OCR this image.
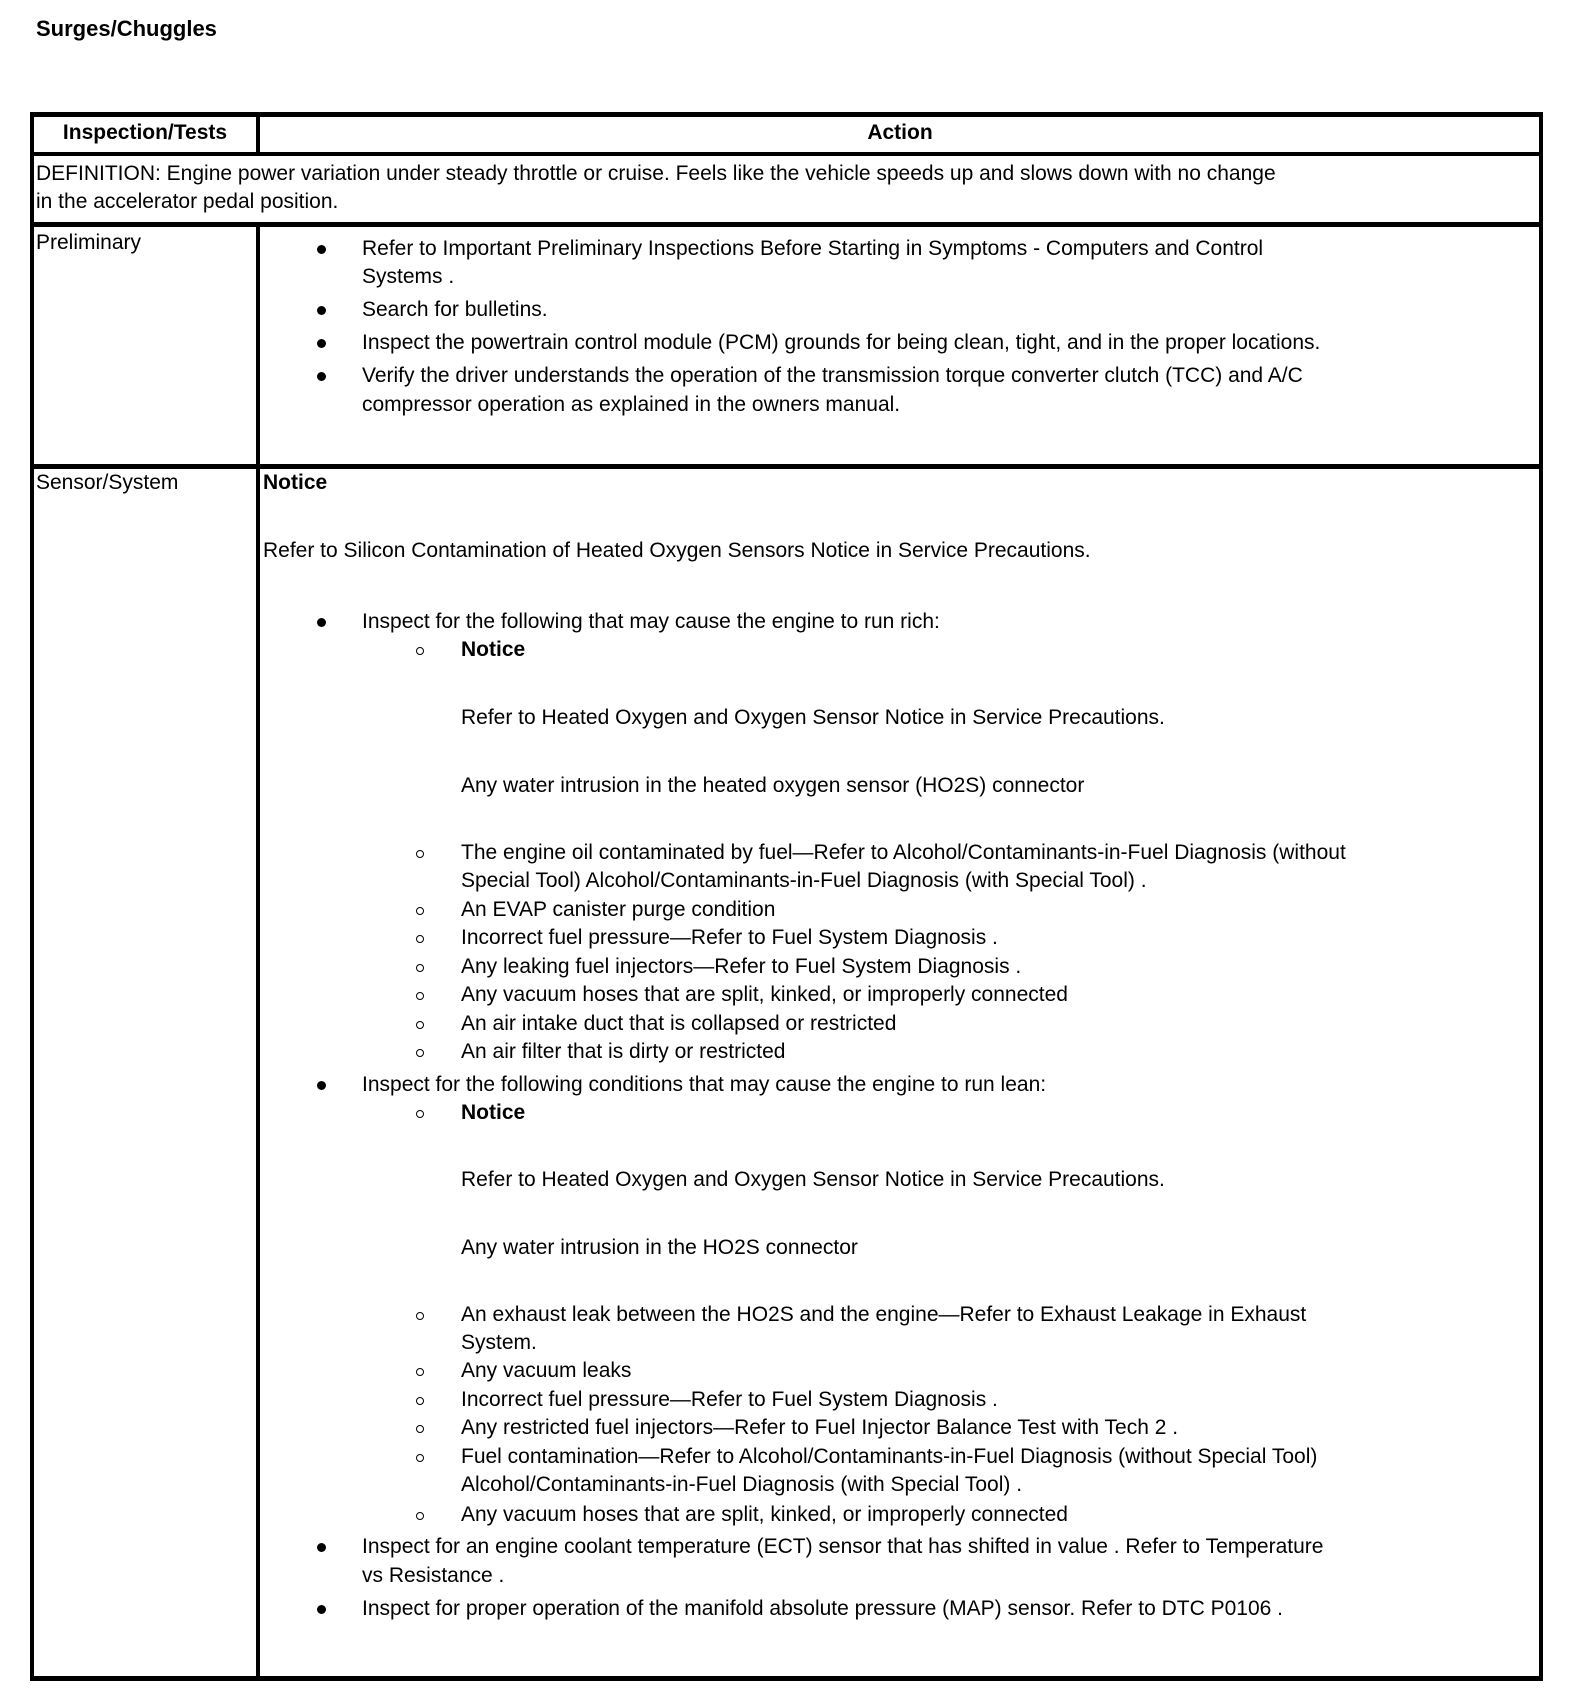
Surges/Chuggles
Inspection/Tests	Action
DEFINITION: Engine power variation under steady throttle or cruise. Feels like the vehicle speeds up and slows down with no change
in the accelerator pedal position.
Preliminary	Refer to Important Preliminary Inspections Before Starting in Symptoms - Computers and Control
Systems .
Search for bulletins.
Inspect the powertrain control module (PCM) grounds for being clean, tight, and in the proper locations.
Verify the driver understands the operation of the transmission torque converter clutch (TCC) and A/C
compressor operation as explained in the owners manual.
Sensor/System	Notice
Refer to Silicon Contamination of Heated Oxygen Sensors Notice in Service Precautions.
Inspect for the following that may cause the engine to run rich:
Notice
Refer to Heated Oxygen and Oxygen Sensor Notice in Service Precautions.
Any water intrusion in the heated oxygen sensor (HO2S) connector
The engine oil contaminated by fuel—Refer to Alcohol/Contaminants-in-Fuel Diagnosis (without
Special Tool) Alcohol/Contaminants-in-Fuel Diagnosis (with Special Tool) .
An EVAP canister purge condition
Incorrect fuel pressure—Refer to Fuel System Diagnosis .
Any leaking fuel injectors—Refer to Fuel System Diagnosis .
Any vacuum hoses that are split, kinked, or improperly connected
An air intake duct that is collapsed or restricted
An air filter that is dirty or restricted
Inspect for the following conditions that may cause the engine to run lean:
Notice
Refer to Heated Oxygen and Oxygen Sensor Notice in Service Precautions.
Any water intrusion in the HO2S connector
An exhaust leak between the HO2S and the engine—Refer to Exhaust Leakage in Exhaust
System.
Any vacuum leaks
Incorrect fuel pressure—Refer to Fuel System Diagnosis .
Any restricted fuel injectors—Refer to Fuel Injector Balance Test with Tech 2 .
Fuel contamination—Refer to Alcohol/Contaminants-in-Fuel Diagnosis (without Special Tool)
Alcohol/Contaminants-in-Fuel Diagnosis (with Special Tool) .
Any vacuum hoses that are split, kinked, or improperly connected
Inspect for an engine coolant temperature (ECT) sensor that has shifted in value . Refer to Temperature
vs Resistance .
Inspect for proper operation of the manifold absolute pressure (MAP) sensor. Refer to DTC P0106 .
